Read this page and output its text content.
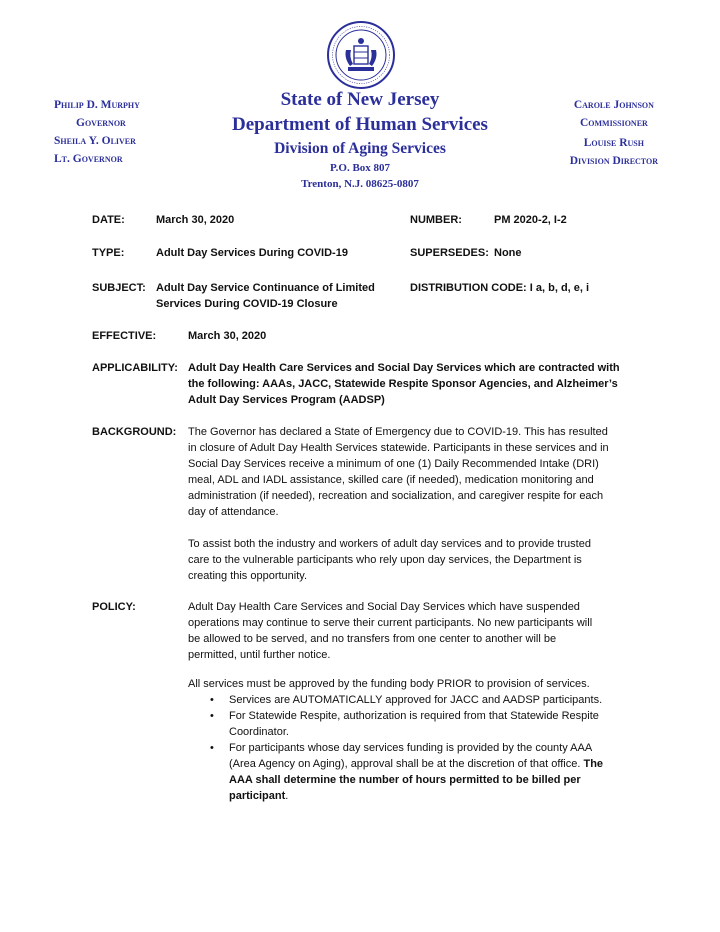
Philip D. Murphy
Governor
Sheila Y. Oliver
Lt. Governor
State of New Jersey
Department of Human Services
Division of Aging Services
P.O. Box 807
Trenton, N.J. 08625-0807
Carole Johnson
Commissioner
Louise Rush
Division Director
DATE:	March 30, 2020	NUMBER:	PM 2020-2, I-2
TYPE:	Adult Day Services During COVID-19	SUPERSEDES: None
SUBJECT: Adult Day Service Continuance of Limited
Services During COVID-19 Closure
DISTRIBUTION CODE: I a, b, d, e, i
EFFECTIVE:	March 30, 2020
APPLICABILITY: Adult Day Health Care Services and Social Day Services which are contracted with
the following: AAAs, JACC, Statewide Respite Sponsor Agencies, and Alzheimer’s
Adult Day Services Program (AADSP)
BACKGROUND: The Governor has declared a State of Emergency due to COVID-19. This has resulted
in closure of Adult Day Health Services statewide. Participants in these services and in
Social Day Services receive a minimum of one (1) Daily Recommended Intake (DRI)
meal, ADL and IADL assistance, skilled care (if needed), medication monitoring and
administration (if needed), recreation and socialization, and caregiver respite for each
day of attendance.
To assist both the industry and workers of adult day services and to provide trusted
care to the vulnerable participants who rely upon day services, the Department is
creating this opportunity.
POLICY:	Adult Day Health Care Services and Social Day Services which have suspended
operations may continue to serve their current participants. No new participants will
be allowed to be served, and no transfers from one center to another will be
permitted, until further notice.
All services must be approved by the funding body PRIOR to provision of services.
• Services are AUTOMATICALLY approved for JACC and AADSP participants.
• For Statewide Respite, authorization is required from that Statewide Respite
Coordinator.
• For participants whose day services funding is provided by the county AAA
(Area Agency on Aging), approval shall be at the discretion of that office. The
AAA shall determine the number of hours permitted to be billed per
participant.
